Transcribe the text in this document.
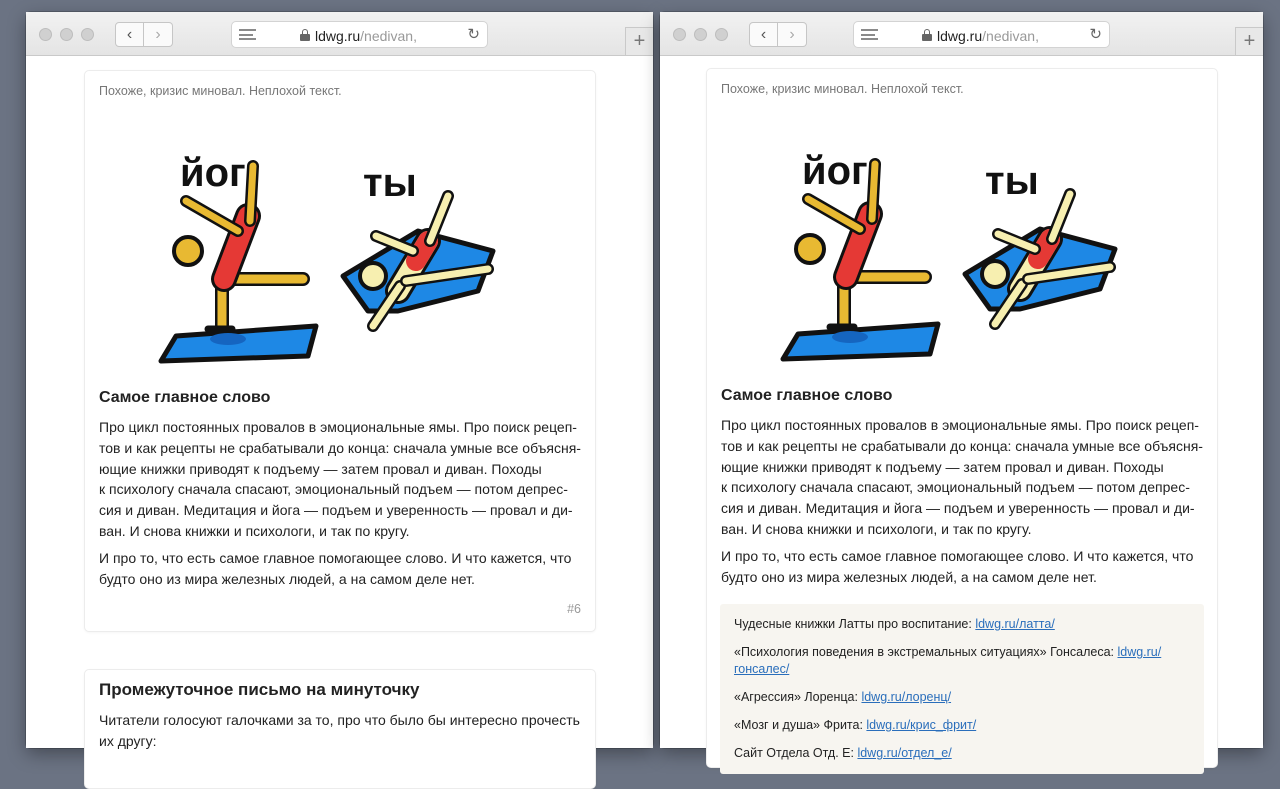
‹ ›	ldwg.ru/nedivan,	↻	+
Похоже, кризис миновал. Неплохой текст.
йог	ты
Самое главное слово
Про цикл постоянных провалов в эмоциональные ямы. Про поиск рецеп-
тов и как рецепты не срабатывали до конца: сначала умные все объясня-
ющие книжки приводят к подъему — затем провал и диван. Походы
к психологу сначала спасают, эмоциональный подъем — потом депрес-
сия и диван. Медитация и йога — подъем и уверенность — провал и ди-
ван. И снова книжки и психологи, и так по кругу.
И про то, что есть самое главное помогающее слово. И что кажется, что
будто оно из мира железных людей, а на самом деле нет.
#6
Промежуточное письмо на минуточку
Читатели голосуют галочками за то, про что было бы интересно прочесть
их другу:
‹ ›	ldwg.ru/nedivan,	↻	+
Похоже, кризис миновал. Неплохой текст.
йог	ты
Самое главное слово
Про цикл постоянных провалов в эмоциональные ямы. Про поиск рецеп-
тов и как рецепты не срабатывали до конца: сначала умные все объясня-
ющие книжки приводят к подъему — затем провал и диван. Походы
к психологу сначала спасают, эмоциональный подъем — потом депрес-
сия и диван. Медитация и йога — подъем и уверенность — провал и ди-
ван. И снова книжки и психологи, и так по кругу.
И про то, что есть самое главное помогающее слово. И что кажется, что
будто оно из мира железных людей, а на самом деле нет.
Чудесные книжки Латты про воспитание: ldwg.ru/латта/
«Психология поведения в экстремальных ситуациях» Гонсалеса: ldwg.ru/
гонсалес/
«Агрессия» Лоренца: ldwg.ru/лоренц/
«Мозг и душа» Фрита: ldwg.ru/крис_фрит/
Сайт Отдела Отд. Е: ldwg.ru/отдел_е/
